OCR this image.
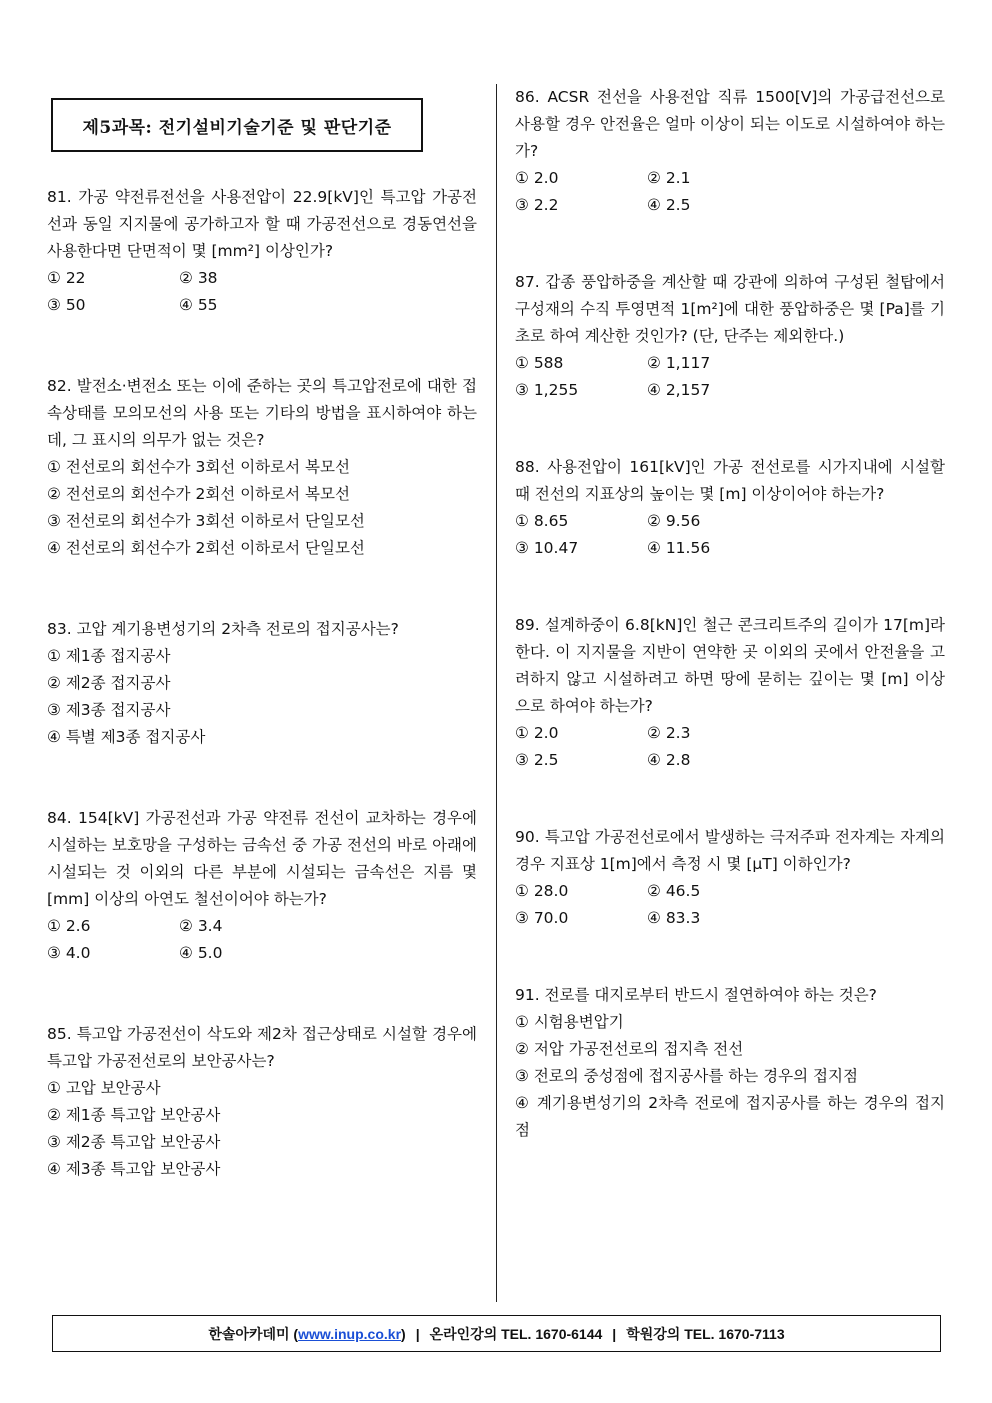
제5과목: 전기설비기술기준 및 판단기준
81. 가공 약전류전선을 사용전압이 22.9[kV]인 특고압 가공전선과 동일 지지물에 공가하고자 할 때 가공전선으로 경동연선을 사용한다면 단면적이 몇 [mm²] 이상인가?
① 22	② 38
③ 50	④ 55
82. 발전소·변전소 또는 이에 준하는 곳의 특고압전로에 대한 접속상태를 모의모선의 사용 또는 기타의 방법을 표시하여야 하는데, 그 표시의 의무가 없는 것은?
① 전선로의 회선수가 3회선 이하로서 복모선
② 전선로의 회선수가 2회선 이하로서 복모선
③ 전선로의 회선수가 3회선 이하로서 단일모선
④ 전선로의 회선수가 2회선 이하로서 단일모선
83. 고압 계기용변성기의 2차측 전로의 접지공사는?
① 제1종 접지공사
② 제2종 접지공사
③ 제3종 접지공사
④ 특별 제3종 접지공사
84. 154[kV] 가공전선과 가공 약전류 전선이 교차하는 경우에 시설하는 보호망을 구성하는 금속선 중 가공 전선의 바로 아래에 시설되는 것 이외의 다른 부분에 시설되는 금속선은 지름 몇 [mm] 이상의 아연도 철선이어야 하는가?
① 2.6	② 3.4
③ 4.0	④ 5.0
85. 특고압 가공전선이 삭도와 제2차 접근상태로 시설할 경우에 특고압 가공전선로의 보안공사는?
① 고압 보안공사
② 제1종 특고압 보안공사
③ 제2종 특고압 보안공사
④ 제3종 특고압 보안공사
86. ACSR 전선을 사용전압 직류 1500[V]의 가공급전선으로 사용할 경우 안전율은 얼마 이상이 되는 이도로 시설하여야 하는가?
① 2.0	② 2.1
③ 2.2	④ 2.5
87. 갑종 풍압하중을 계산할 때 강관에 의하여 구성된 철탑에서 구성재의 수직 투영면적 1[m²]에 대한 풍압하중은 몇 [Pa]를 기초로 하여 계산한 것인가? (단, 단주는 제외한다.)
① 588	② 1,117
③ 1,255	④ 2,157
88. 사용전압이 161[kV]인 가공 전선로를 시가지내에 시설할 때 전선의 지표상의 높이는 몇 [m] 이상이어야 하는가?
① 8.65	② 9.56
③ 10.47	④ 11.56
89. 설계하중이 6.8[kN]인 철근 콘크리트주의 길이가 17[m]라 한다. 이 지지물을 지반이 연약한 곳 이외의 곳에서 안전율을 고려하지 않고 시설하려고 하면 땅에 묻히는 깊이는 몇 [m] 이상으로 하여야 하는가?
① 2.0	② 2.3
③ 2.5	④ 2.8
90. 특고압 가공전선로에서 발생하는 극저주파 전자계는 자계의 경우 지표상 1[m]에서 측정 시 몇 [μT] 이하인가?
① 28.0	② 46.5
③ 70.0	④ 83.3
91. 전로를 대지로부터 반드시 절연하여야 하는 것은?
① 시험용변압기
② 저압 가공전선로의 접지측 전선
③ 전로의 중성점에 접지공사를 하는 경우의 접지점
④ 계기용변성기의 2차측 전로에 접지공사를 하는 경우의 접지점
한솔아카데미 ( www.inup.co.kr ) | 온라인강의 TEL. 1670-6144 | 학원강의 TEL. 1670-7113
